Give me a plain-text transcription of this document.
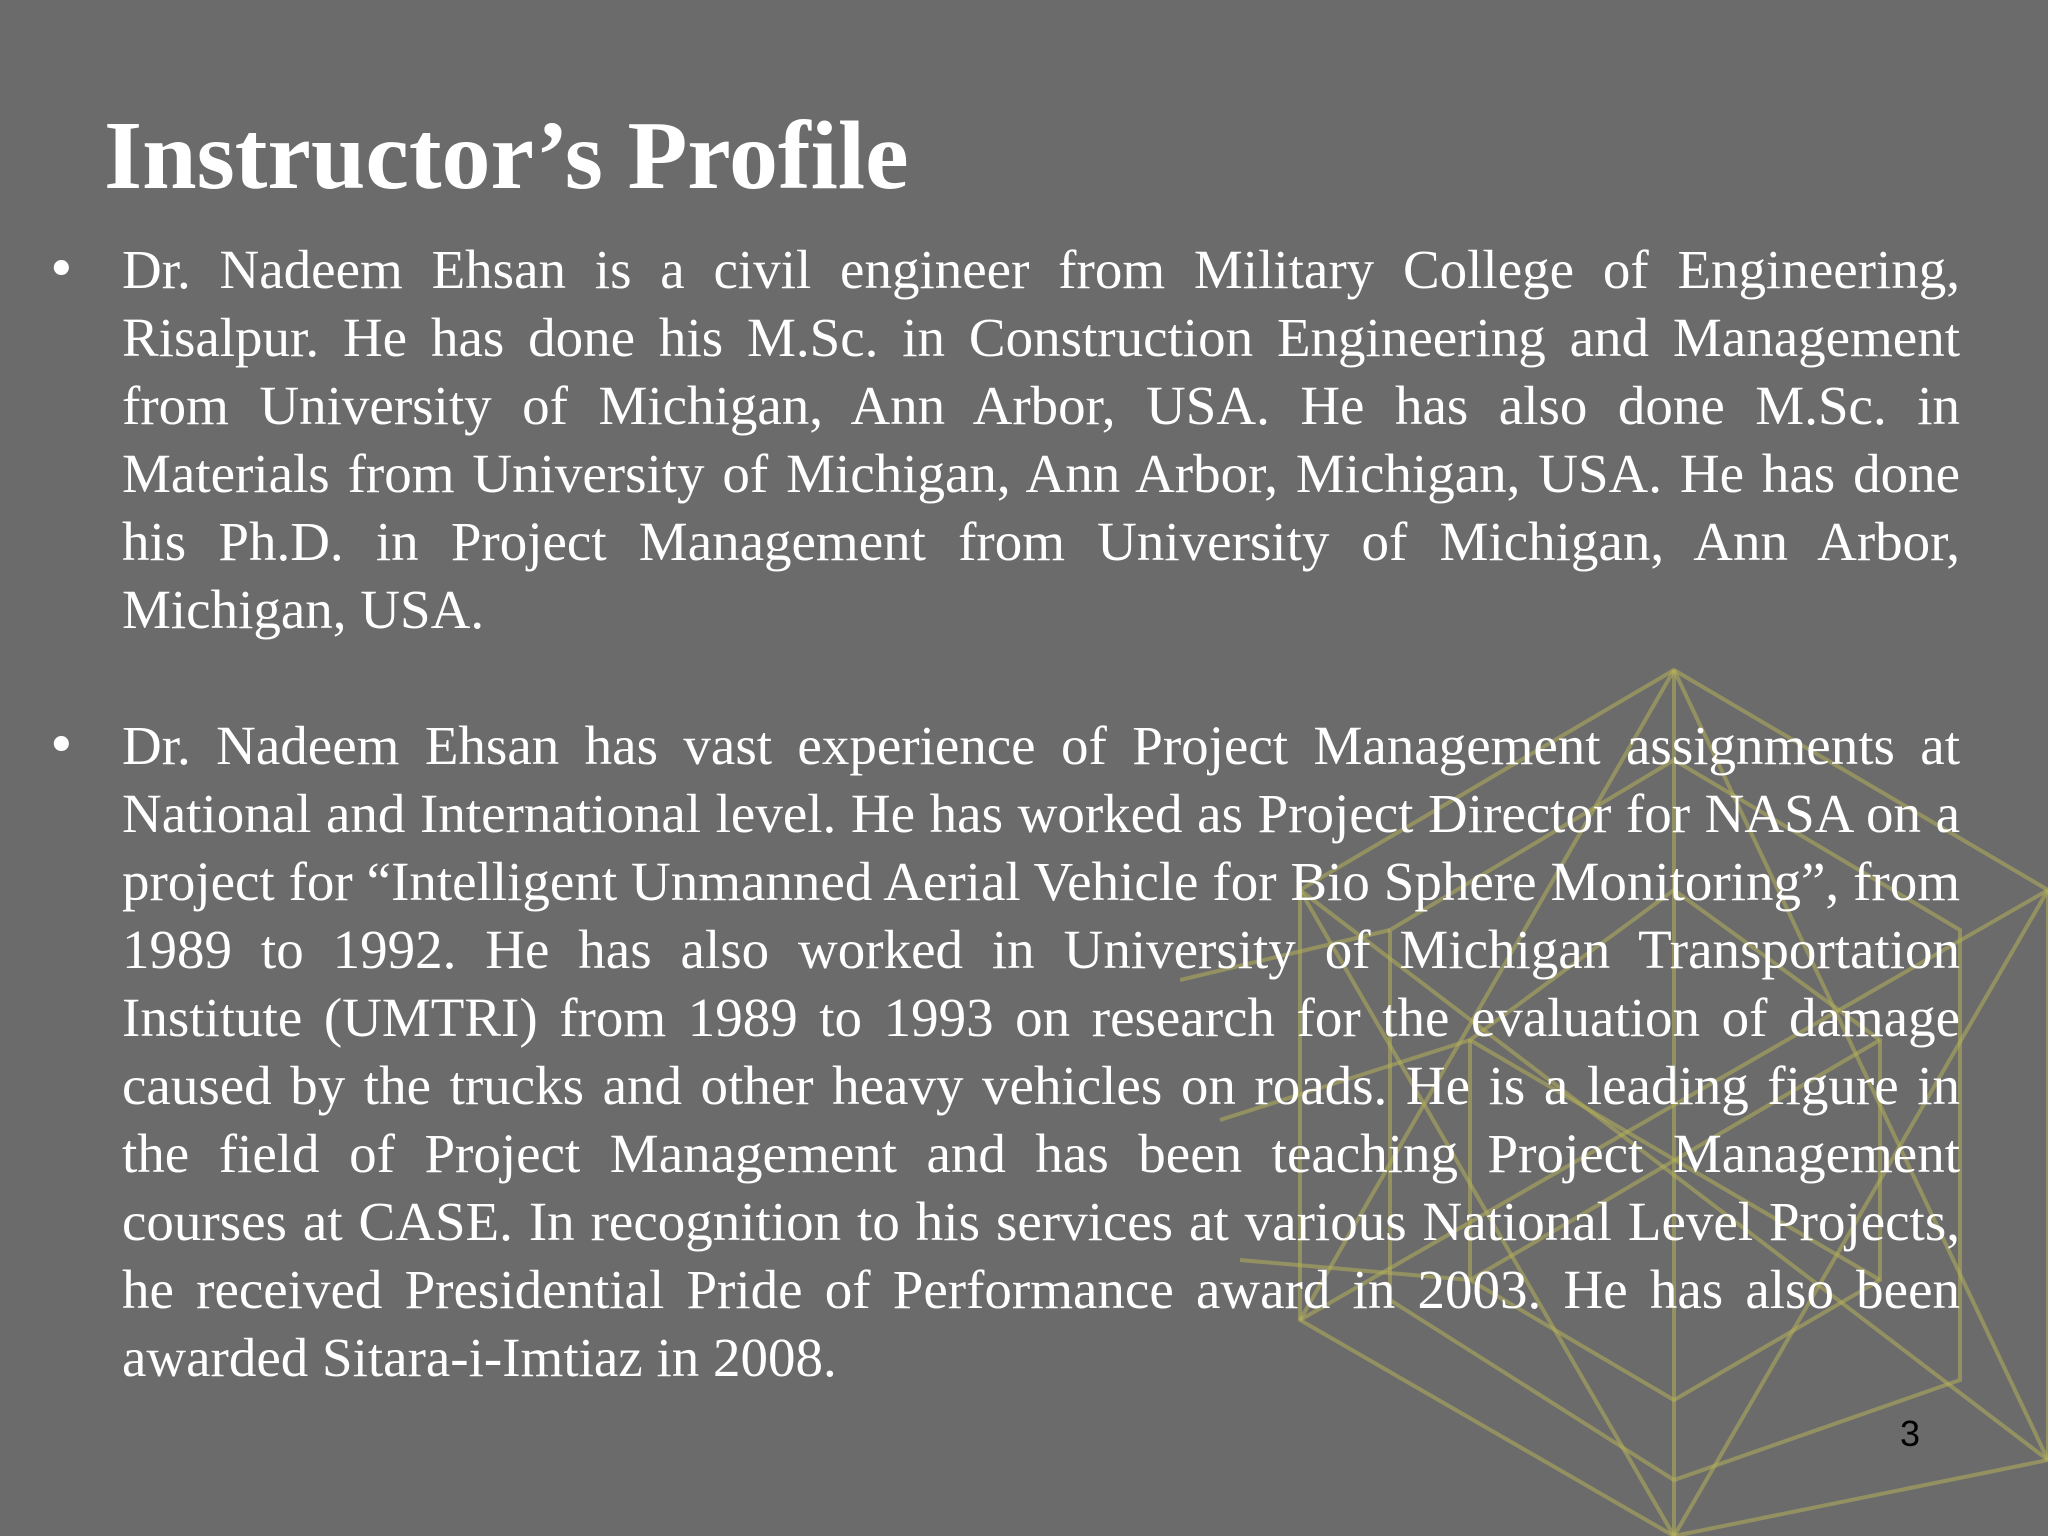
Instructor’s Profile
• Dr. Nadeem Ehsan is a civil engineer from Military College of Engineering, Risalpur. He has done his M.Sc. in Construction Engineering and Management from University of Michigan, Ann Arbor, USA. He has also done M.Sc. in Materials from University of Michigan, Ann Arbor, Michigan, USA. He has done his Ph.D. in Project Management from University of Michigan, Ann Arbor, Michigan, USA.
• Dr. Nadeem Ehsan has vast experience of Project Management assignments at National and International level. He has worked as Project Director for NASA on a project for “Intelligent Unmanned Aerial Vehicle for Bio Sphere Monitoring”, from 1989 to 1992. He has also worked in University of Michigan Transportation Institute (UMTRI) from 1989 to 1993 on research for the evaluation of damage caused by the trucks and other heavy vehicles on roads. He is a leading figure in the field of Project Management and has been teaching Project Management courses at CASE. In recognition to his services at various National Level Projects, he received Presidential Pride of Performance award in 2003. He has also been awarded Sitara-i-Imtiaz in 2008.
3
